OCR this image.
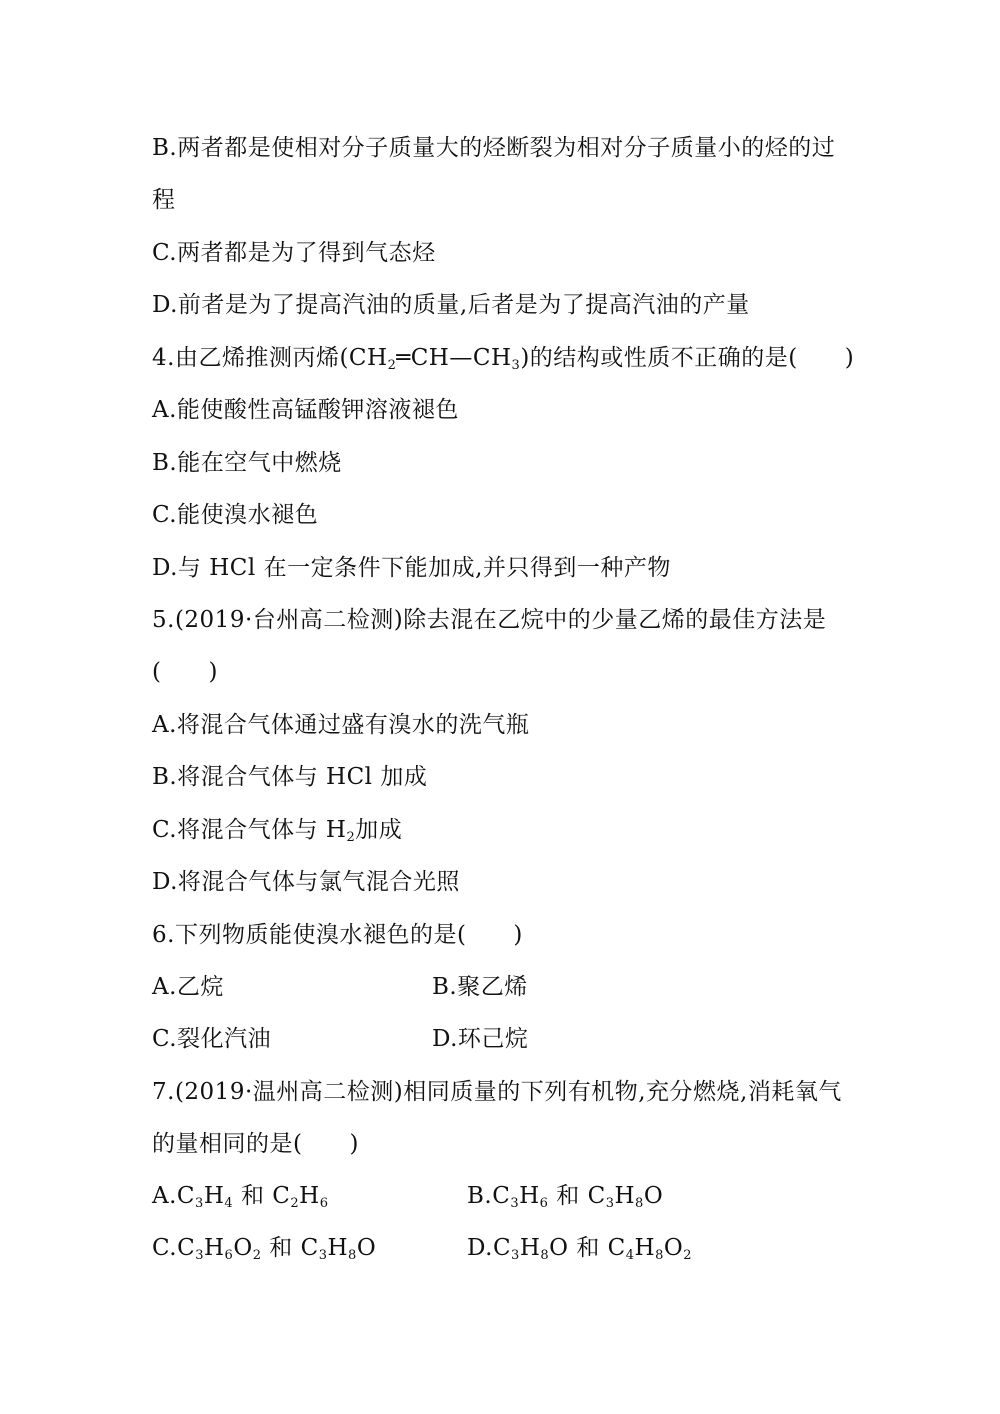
B.两者都是使相对分子质量大的烃断裂为相对分子质量小的烃的过
程
C.两者都是为了得到气态烃
D.前者是为了提高汽油的质量,后者是为了提高汽油的产量
4.由乙烯推测丙烯$(CH_2═CH—CH_3)$的结构或性质不正确的是(　　)
A.能使酸性高锰酸钾溶液褪色
B.能在空气中燃烧
C.能使溴水褪色
D.与 HCl 在一定条件下能加成,并只得到一种产物
5.(2019·台州高二检测)除去混在乙烷中的少量乙烯的最佳方法是
(　　)
A.将混合气体通过盛有溴水的洗气瓶
B.将混合气体与 HCl 加成
C.将混合气体与 $H_2$加成
D.将混合气体与氯气混合光照
6.下列物质能使溴水褪色的是(　　)
A.乙烷	B.聚乙烯
C.裂化汽油	D.环己烷
7.(2019·温州高二检测)相同质量的下列有机物,充分燃烧,消耗氧气
的量相同的是(　　)
$A.C_3H_4$ 和 $C_2H_6$	$B.C_3H_6$ 和 $C_3H_8O$
$C.C_3H_6O_2$ 和 $C_3H_8O$	$D.C_3H_8O$ 和 $C_4H_8O_2$
